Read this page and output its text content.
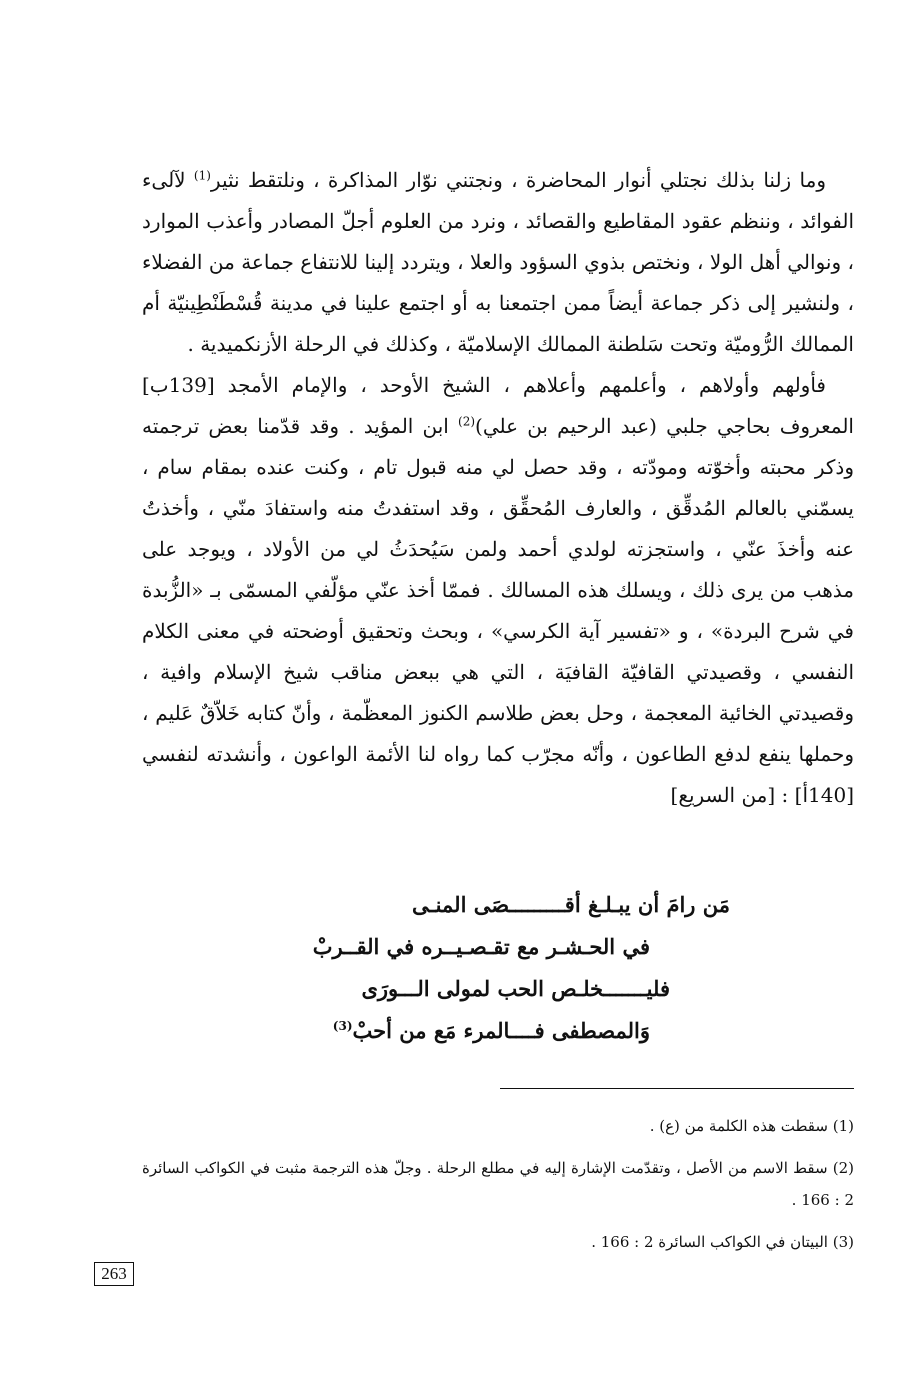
وما زلنا بذلك نجتلي أنوار المحاضرة ، ونجتني نوّار المذاكرة ، ونلتقط نثير$^{(1)}$ لآلىء الفوائد ، وننظم عقود المقاطيع والقصائد ، ونرد من العلوم أجلّ المصادر وأعذب الموارد ، ونوالي أهل الولا ، ونختص بذوي السؤود والعلا ، ويتردد إلينا للانتفاع جماعة من الفضلاء ، ولنشير إلى ذكر جماعة أيضاً ممن اجتمعنا به أو اجتمع علينا في مدينة قُسْطَنْطِينيّة أم الممالك الرُّوميّة وتحت سَلطنة الممالك الإسلاميّة ، وكذلك في الرحلة الأزنكميدية .

فأولهم وأولاهم ، وأعلمهم وأعلاهم ، الشيخ الأوحد ، والإمام الأمجد [139ب] المعروف بحاجي جلبي (عبد الرحيم بن علي)$^{(2)}$ ابن المؤيد . وقد قدّمنا بعض ترجمته وذكر محبته وأخوّته ومودّته ، وقد حصل لي منه قبول تام ، وكنت عنده بمقام سام ، يسمّني بالعالم المُدقِّق ، والعارف المُحقِّق ، وقد استفدتُ منه واستفادَ منّي ، وأخذتُ عنه وأخذَ عنّي ، واستجزته لولدي أحمد ولمن سَيُحدَثُ لي من الأولاد ، ويوجد على مذهب من يرى ذلك ، ويسلك هذه المسالك . فممّا أخذ عنّي مؤلّفي المسمّى بـ «الزُّبدة في شرح البردة» ، و «تفسير آية الكرسي» ، وبحث وتحقيق أوضحته في معنى الكلام النفسي ، وقصيدتي القافيّة القافيَة ، التي هي ببعض مناقب شيخ الإسلام وافية ، وقصيدتي الخائية المعجمة ، وحل بعض طلاسم الكنوز المعظّمة ، وأنّ كتابه خَلاّقٌ عَليم ، وحملها ينفع لدفع الطاعون ، وأنّه مجرّب كما رواه لنا الأئمة الواعون ، وأنشدته لنفسي [140أ] : [من السريع]

مَن رامَ أن يبـلـغ أقـــــــــصَى المنـى
في الحـشـر مع تقـصـيــره في القــربْ
فليـــــــخلـص الحب لمولى الـــورَى
وَالمصطفى فــــالمرء مَع من أحبْ$^{(3)}$

(1) سقطت هذه الكلمة من (ع) .

(2) سقط الاسم من الأصل ، وتقدّمت الإشارة إليه في مطلع الرحلة . وجلّ هذه الترجمة مثبت في الكواكب السائرة 2 : 166 .

(3) البيتان في الكواكب السائرة 2 : 166 .

263
